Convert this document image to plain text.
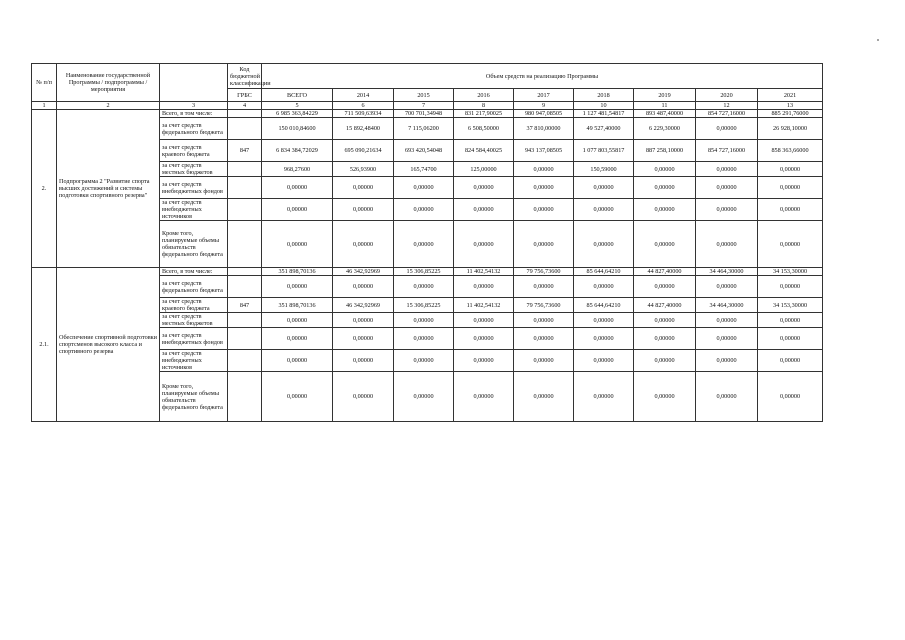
№ п/п	Наименование государственной Программы / подпрограммы / мероприятия		Код бюджетной классификации	Объем средств на реализацию Программы								
			ГРБС	ВСЕГО	2014	2015	2016	2017	2018	2019	2020	2021
1	2	3	4	5	6	7	8	9	10	11	12	13
2.	Подпрограмма 2 "Развитие спорта высших достижений и системы подготовки спортивного резерва"	Всего, в том числе:		6 985 363,84229	711 509,63934	700 701,34948	831 217,90025	980 947,08505	1 127 481,54817	893 487,40000	854 727,16000	885 291,76000
		за счет средств федерального бюджета		150 010,84600	15 892,48400	7 115,06200	6 508,50000	37 810,00000	49 527,40000	6 229,30000	0,00000	26 928,10000
		за счет средств краевого бюджета	847	6 834 384,72029	695 090,21634	693 420,54048	824 584,40025	943 137,08505	1 077 803,55817	887 258,10000	854 727,16000	858 363,66000
		за счет средств местных бюджетов		968,27600	526,93900	165,74700	125,00000	0,00000	150,59000	0,00000	0,00000	0,00000
		за счет средств внебюджетных фондов		0,00000	0,00000	0,00000	0,00000	0,00000	0,00000	0,00000	0,00000	0,00000
		за счет средств внебюджетных источников		0,00000	0,00000	0,00000	0,00000	0,00000	0,00000	0,00000	0,00000	0,00000
		Кроме того, планируемые объемы обязательств федерального бюджета		0,00000	0,00000	0,00000	0,00000	0,00000	0,00000	0,00000	0,00000	0,00000
2.1.	Обеспечение спортивной подготовки спортсменов высокого класса и спортивного резерва	Всего, в том числе:		351 898,70136	46 342,92969	15 306,85225	11 402,54132	79 756,73600	85 644,64210	44 827,40000	34 464,30000	34 153,30000
		за счет средств федерального бюджета		0,00000	0,00000	0,00000	0,00000	0,00000	0,00000	0,00000	0,00000	0,00000
		за счет средств краевого бюджета	847	351 898,70136	46 342,92969	15 306,85225	11 402,54132	79 756,73600	85 644,64210	44 827,40000	34 464,30000	34 153,30000
		за счет средств местных бюджетов		0,00000	0,00000	0,00000	0,00000	0,00000	0,00000	0,00000	0,00000	0,00000
		за счет средств внебюджетных фондов		0,00000	0,00000	0,00000	0,00000	0,00000	0,00000	0,00000	0,00000	0,00000
		за счет средств внебюджетных источников		0,00000	0,00000	0,00000	0,00000	0,00000	0,00000	0,00000	0,00000	0,00000
		Кроме того, планируемые объемы обязательств федерального бюджета		0,00000	0,00000	0,00000	0,00000	0,00000	0,00000	0,00000	0,00000	0,00000
